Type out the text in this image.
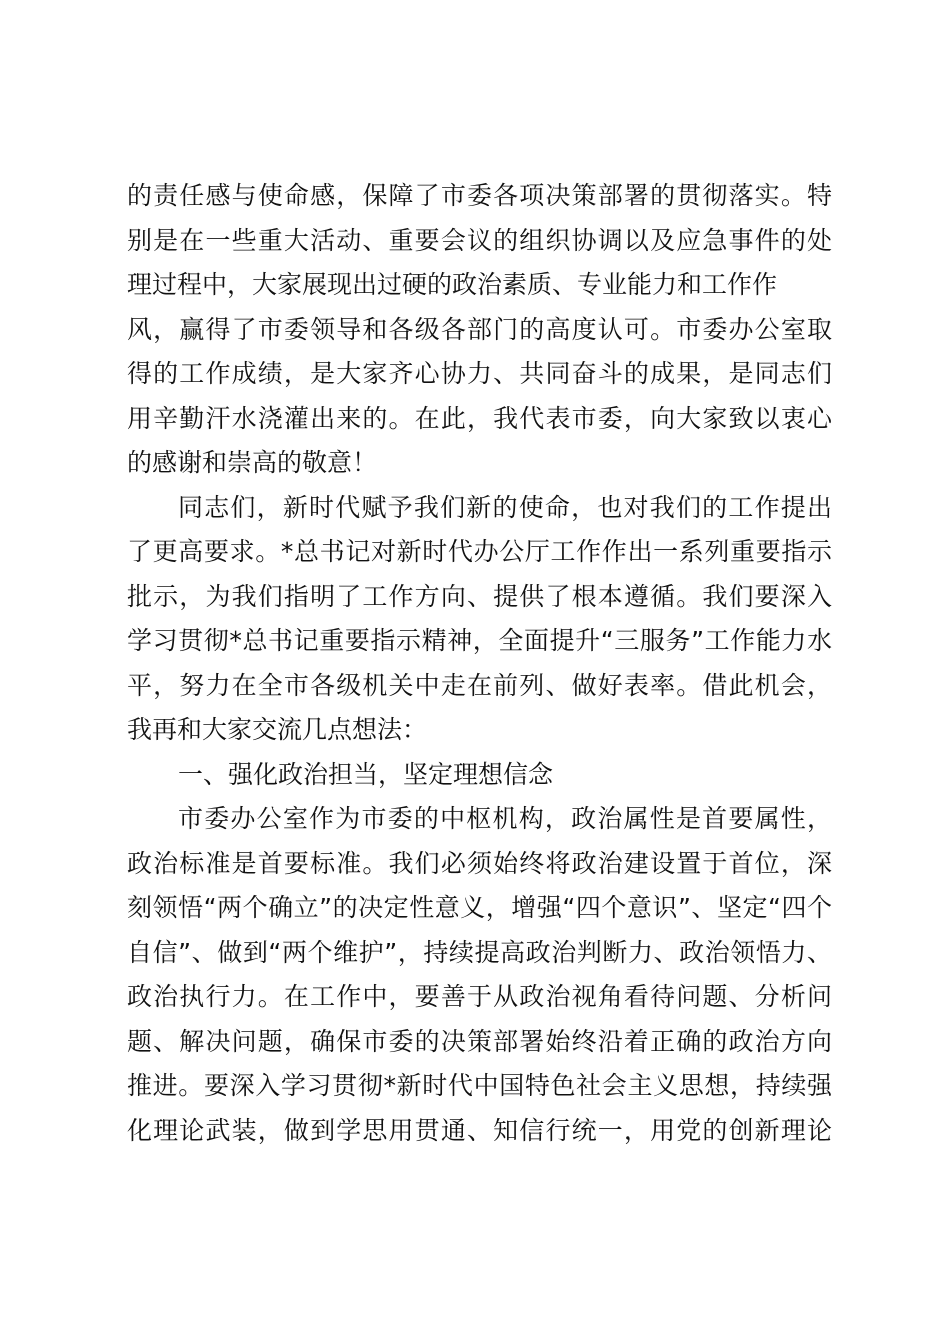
的责任感与使命感，保障了市委各项决策部署的贯彻落实。特
别是在一些重大活动、重要会议的组织协调以及应急事件的处
理过程中，大家展现出过硬的政治素质、专业能力和工作作
风，赢得了市委领导和各级各部门的高度认可。市委办公室取
得的工作成绩，是大家齐心协力、共同奋斗的成果，是同志们
用辛勤汗水浇灌出来的。在此，我代表市委，向大家致以衷心
的感谢和崇高的敬意！
同志们，新时代赋予我们新的使命，也对我们的工作提出
了更高要求。*总书记对新时代办公厅工作作出一系列重要指示
批示，为我们指明了工作方向、提供了根本遵循。我们要深入
学习贯彻*总书记重要指示精神，全面提升“三服务”工作能力水
平，努力在全市各级机关中走在前列、做好表率。借此机会，
我再和大家交流几点想法：
一、强化政治担当，坚定理想信念
市委办公室作为市委的中枢机构，政治属性是首要属性，
政治标准是首要标准。我们必须始终将政治建设置于首位，深
刻领悟“两个确立”的决定性意义，增强“四个意识”、坚定“四个
自信”、做到“两个维护”，持续提高政治判断力、政治领悟力、
政治执行力。在工作中，要善于从政治视角看待问题、分析问
题、解决问题，确保市委的决策部署始终沿着正确的政治方向
推进。要深入学习贯彻*新时代中国特色社会主义思想，持续强
化理论武装，做到学思用贯通、知信行统一，用党的创新理论
